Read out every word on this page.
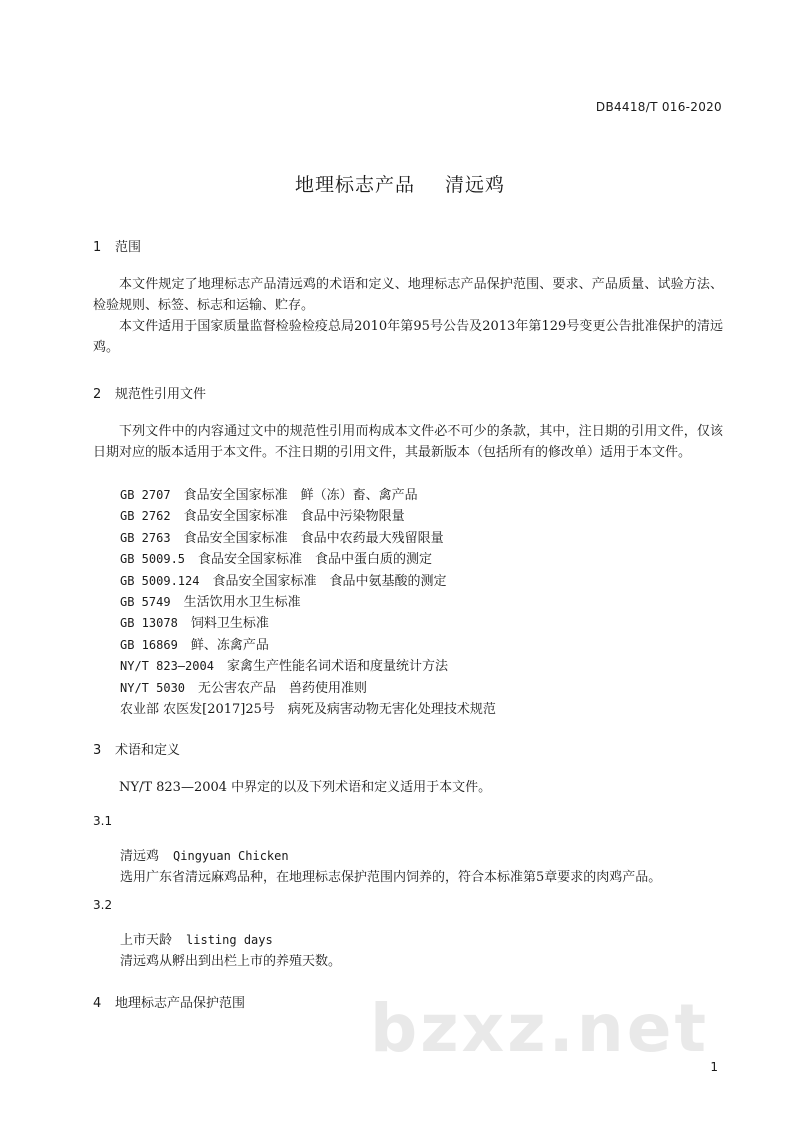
DB4418/T 016-2020
地理标志产品 清远鸡
1 范围
本文件规定了地理标志产品清远鸡的术语和定义、地理标志产品保护范围、要求、产品质量、试验方法、检验规则、标签、标志和运输、贮存。
本文件适用于国家质量监督检验检疫总局2010年第95号公告及2013年第129号变更公告批准保护的清远鸡。
2 规范性引用文件
下列文件中的内容通过文中的规范性引用而构成本文件必不可少的条款，其中，注日期的引用文件，仅该日期对应的版本适用于本文件。不注日期的引用文件，其最新版本（包括所有的修改单）适用于本文件。
GB 2707　 食品安全国家标准　鲜（冻）畜、禽产品
GB 2762　 食品安全国家标准　食品中污染物限量
GB 2763　 食品安全国家标准　食品中农药最大残留限量
GB 5009.5　 食品安全国家标准　食品中蛋白质的测定
GB 5009.124　 食品安全国家标准　食品中氨基酸的测定
GB 5749　 生活饮用水卫生标准
GB 13078　 饲料卫生标准
GB 16869　 鲜、冻禽产品
NY/T 823—2004　 家禽生产性能名词术语和度量统计方法
NY/T 5030　 无公害农产品　兽药使用准则
农业部 农医发[2017]25号　 病死及病害动物无害化处理技术规范
3 术语和定义
NY/T 823—2004 中界定的以及下列术语和定义适用于本文件。
3.1
清远鸡 Qingyuan Chicken
选用广东省清远麻鸡品种，在地理标志保护范围内饲养的，符合本标准第5章要求的肉鸡产品。
3.2
上市天龄 listing days
清远鸡从孵出到出栏上市的养殖天数。
4 地理标志产品保护范围 bzxz.net 1
